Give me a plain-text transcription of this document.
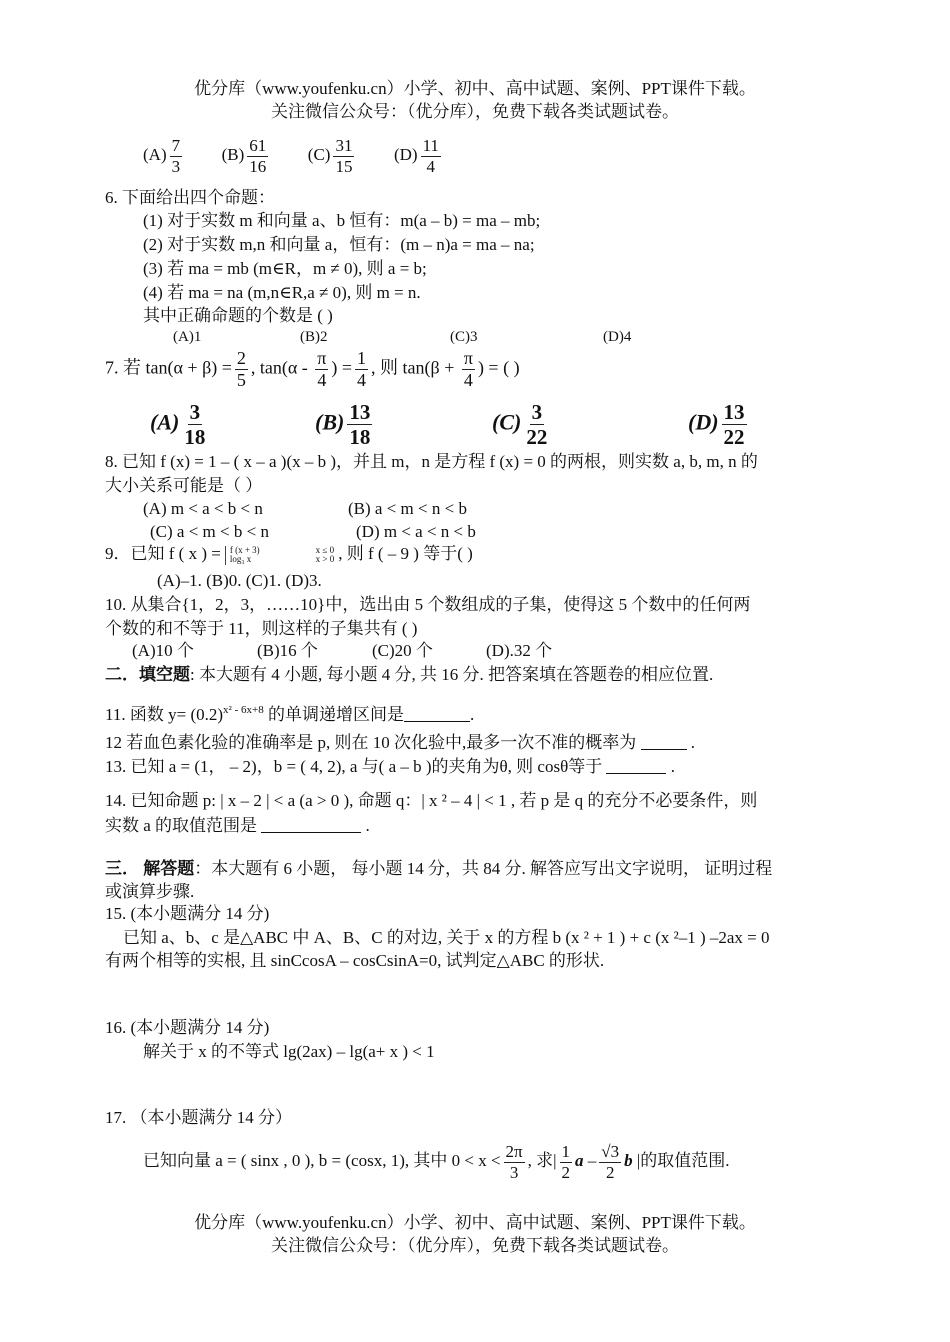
优分库（www.youfenku.cn）小学、初中、高中试题、案例、PPT课件下载。
关注微信公众号：（优分库），免费下载各类试题试卷。
$(A) \frac{7}{3} (B) \frac{61}{16} (C) \frac{31}{15} (D) \frac{11}{4}$
6. 下面给出四个命题：
(1) 对于实数 m 和向量 a、b 恒有：m(a – b) = ma – mb;
(2) 对于实数 m,n 和向量 a，恒有：(m – n)a = ma – na;
(3) 若 ma = mb (m∈R，m ≠ 0), 则 a = b;
(4) 若 ma = na (m,n∈R,a ≠ 0), 则 m = n.
其中正确命题的个数是 ( )
(A)1	(B)2	(C)3	(D)4
7. 若 $\tan(\alpha + \beta) = \frac{2}{5}$ , $\tan(\alpha - \frac{\pi}{4}$ ) = $\frac{1}{4}$ , 则 $\tan(\beta + \frac{\pi}{4}$ ) = ( )
$(A) \frac{3}{18}$	$(B) \frac{13}{18}$	$(C) \frac{3}{22}$	$(D) \frac{13}{22}$
8. 已知 f (x) = 1 – ( x – a )(x – b )，并且 m，n 是方程 f (x) = 0 的两根，则实数 a, b, m, n 的
大小关系可能是（ ）
(A) m < a < b < n	(B) a < m < n < b
(C) a < m < b < n	(D) m < a < n < b
9．已知 f ( x ) = f (x + 3)
log₃ x
x ≤ 0
x > 0 , 则 f ( – 9 ) 等于( )
(A)–1. (B)0. (C)1. (D)3.
10. 从集合{1，2，3，……10}中，选出由 5 个数组成的子集，使得这 5 个数中的任何两
个数的和不等于 11，则这样的子集共有 ( )
(A)10 个	(B)16 个	(C)20 个	(D).32 个
二．填空题: 本大题有 4 小题, 每小题 4 分, 共 16 分. 把答案填在答题卷的相应位置.
11. 函数 $y= (0.2)^{x^2 - 6x+8}$ 的单调递增区间是	.
12 若血色素化验的准确率是 p, 则在 10 次化验中,最多一次不准的概率为	.
13. 已知 a = (1， – 2)，b = ( 4, 2), a 与( a – b )的夹角为θ, 则 cosθ等于	.
14. 已知命题 p: | x – 2 | < a (a > 0 ), 命题 q：| x ² – 4 | < 1 , 若 p 是 q 的充分不必要条件，则
实数 a 的取值范围是	.
三． 解答题：本大题有 6 小题， 每小题 14 分，共 84 分. 解答应写出文字说明， 证明过程
或演算步骤.
15. (本小题满分 14 分)
已知 a、b、c 是△ABC 中 A、B、C 的对边, 关于 x 的方程 b (x ² + 1 ) + c (x ²–1 ) –2ax = 0
有两个相等的实根, 且 sinCcosA – cosCsinA=0, 试判定△ABC 的形状.
16. (本小题满分 14 分)
解关于 x 的不等式 lg(2ax) – lg(a+ x ) < 1
17. （本小题满分 14 分）
已知向量 a = ( sinx , 0 ), b = (cosx, 1), 其中 $0 < x < \frac{2\pi}{3}$ , 求| $\frac{1}{2}$ a – $\frac{√3}{2}$ b |的取值范围.
优分库（www.youfenku.cn）小学、初中、高中试题、案例、PPT课件下载。
关注微信公众号：（优分库），免费下载各类试题试卷。
